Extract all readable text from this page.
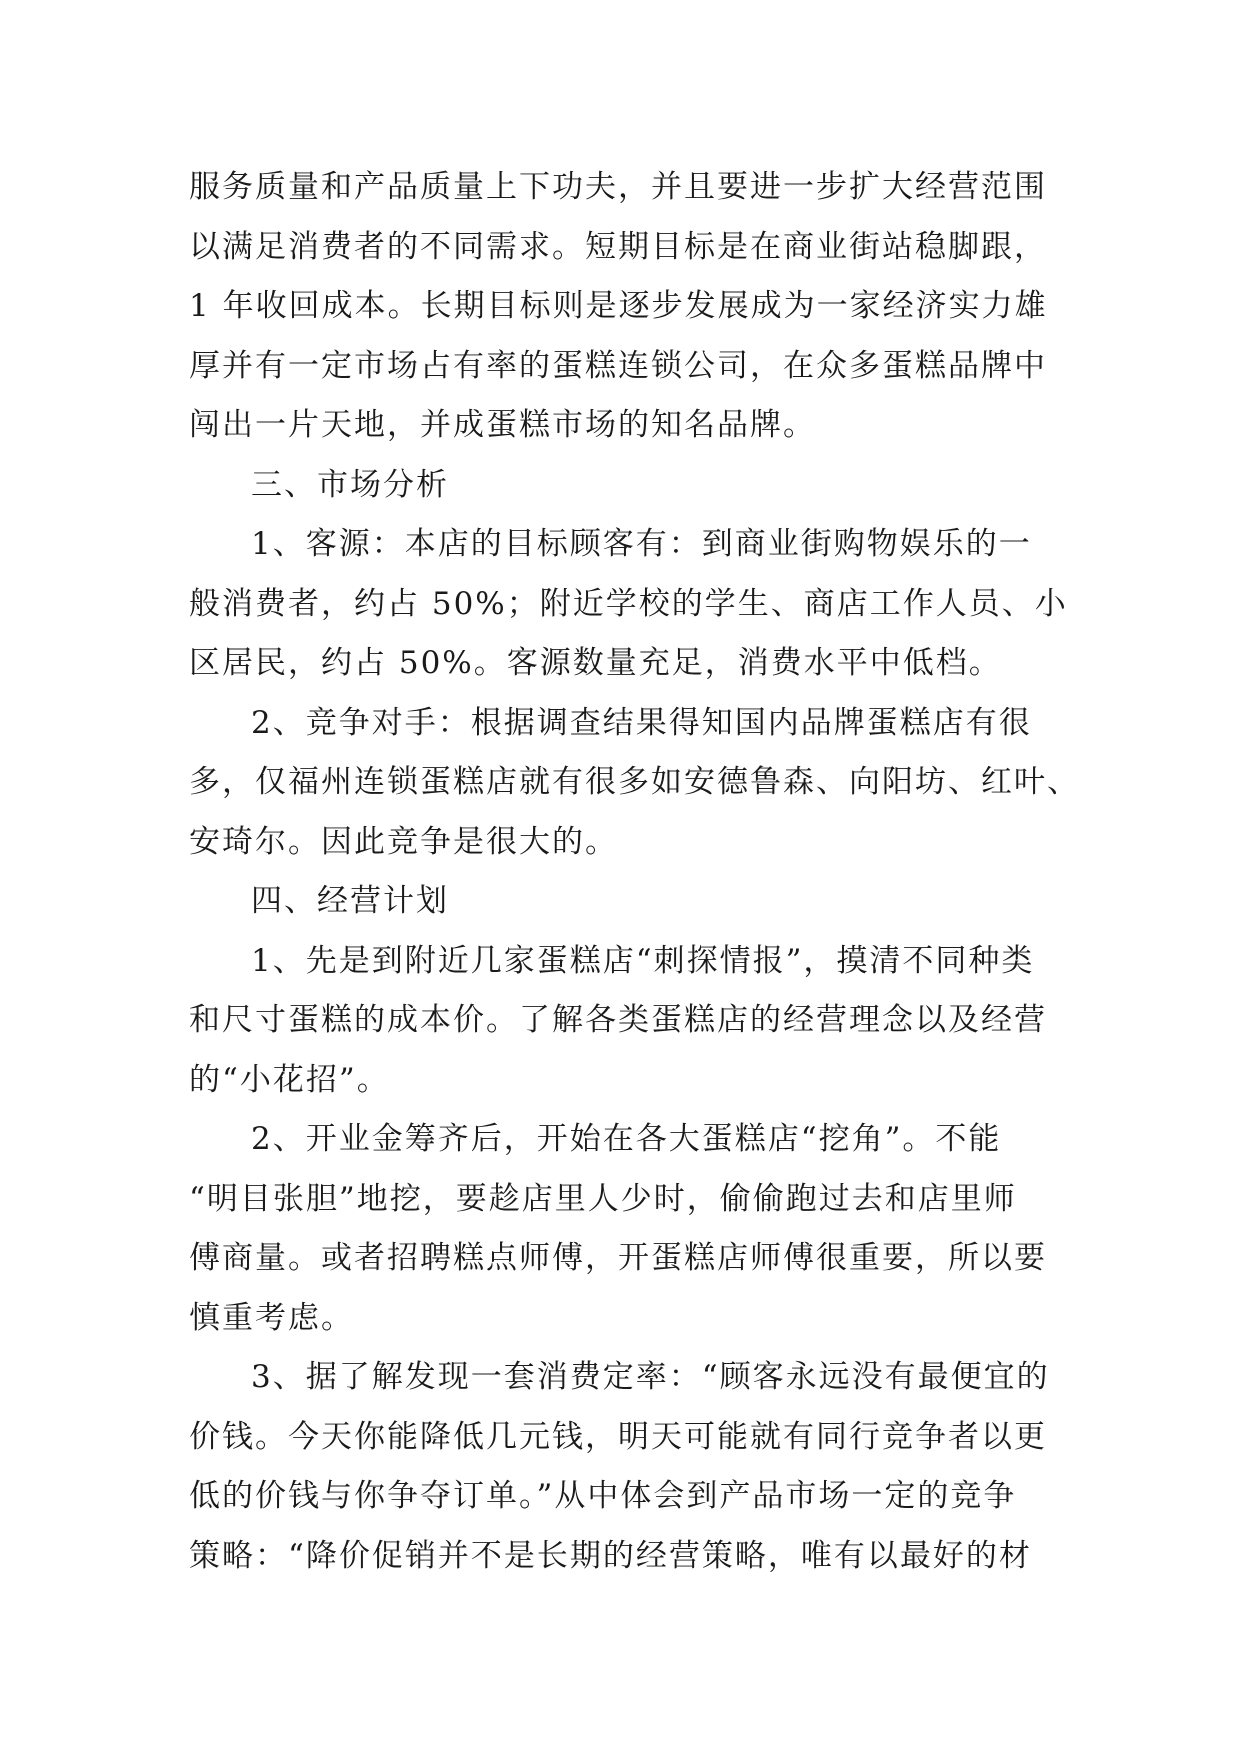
服务质量和产品质量上下功夫，并且要进一步扩大经营范围

以满足消费者的不同需求。短期目标是在商业街站稳脚跟，

1 年收回成本。长期目标则是逐步发展成为一家经济实力雄

厚并有一定市场占有率的蛋糕连锁公司，在众多蛋糕品牌中

闯出一片天地，并成蛋糕市场的知名品牌。

三、市场分析

1、客源：本店的目标顾客有：到商业街购物娱乐的一

般消费者，约占 50%；附近学校的学生、商店工作人员、小

区居民，约占 50%。客源数量充足，消费水平中低档。

2、竞争对手：根据调查结果得知国内品牌蛋糕店有很

多，仅福州连锁蛋糕店就有很多如安德鲁森、向阳坊、红叶、

安琦尔。因此竞争是很大的。

四、经营计划

1、先是到附近几家蛋糕店“刺探情报”，摸清不同种类

和尺寸蛋糕的成本价。了解各类蛋糕店的经营理念以及经营

的“小花招”。

2、开业金筹齐后，开始在各大蛋糕店“挖角”。不能

“明目张胆”地挖，要趁店里人少时，偷偷跑过去和店里师

傅商量。或者招聘糕点师傅，开蛋糕店师傅很重要，所以要

慎重考虑。

3、据了解发现一套消费定率：“顾客永远没有最便宜的

价钱。今天你能降低几元钱，明天可能就有同行竞争者以更

低的价钱与你争夺订单。”从中体会到产品市场一定的竞争

策略：“降价促销并不是长期的经营策略，唯有以最好的材
